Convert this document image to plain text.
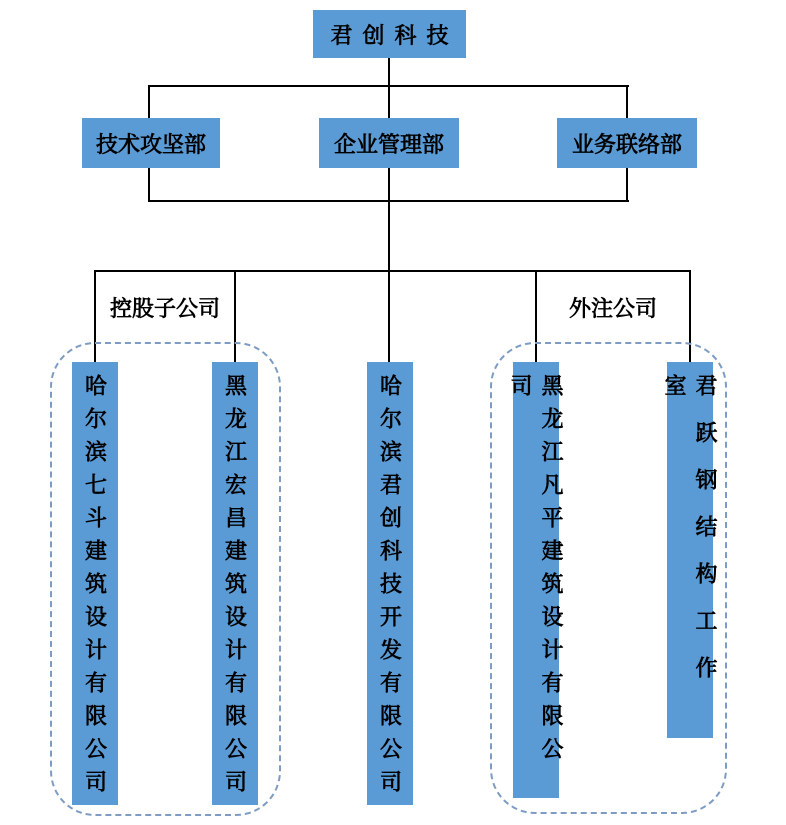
君创科技
技术攻坚部	企业管理部	业务联络部
控股子公司	外注公司
哈尔滨七斗建筑设计有限公司	黑龙江宏昌建筑设计有限公司	哈尔滨君创科技开发有限公司	黑龙江凡平建筑设计有限公司	君跃钢结构工作室
